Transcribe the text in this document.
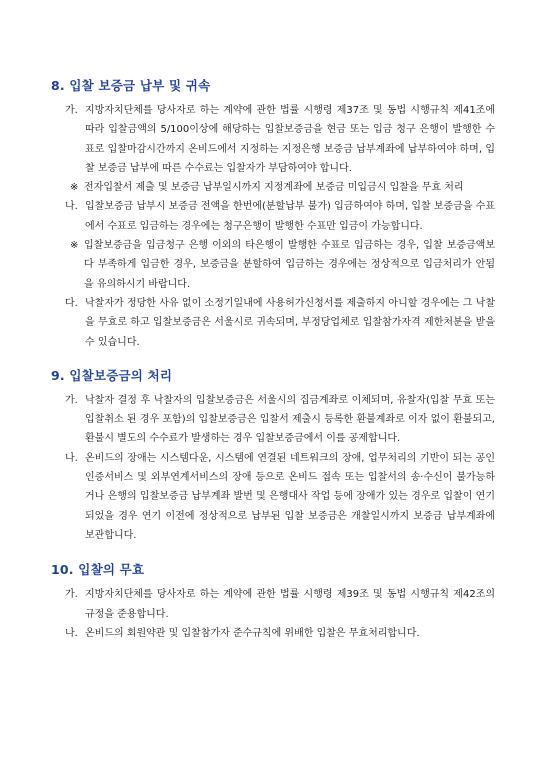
8. 입찰 보증금 납부 및 귀속
가. 지방자치단체를 당사자로 하는 계약에 관한 법률 시행령 제37조 및 동법 시행규칙 제41조에 따라 입찰금액의 5/100이상에 해당하는 입찰보증금을 현금 또는 입금 청구 은행이 발행한 수표로 입찰마감시간까지 온비드에서 지정하는 지정은행 보증금 납부계좌에 납부하여야 하며, 입찰 보증금 납부에 따른 수수료는 입찰자가 부담하여야 합니다.
※ 전자입찰서 제출 및 보증금 납부일시까지 지정계좌에 보증금 미입금시 입찰을 무효 처리
나. 입찰보증금 납부시 보증금 전액을 한번에(분할납부 불가) 입금하여야 하며, 입찰 보증금을 수표에서 수표로 입금하는 경우에는 청구은행이 발행한 수표만 입금이 가능합니다.
※ 입찰보증금을 입금청구 은행 이외의 타은행이 발행한 수표로 입금하는 경우, 입찰 보증금액보다 부족하게 입금한 경우, 보증금을 분할하여 입금하는 경우에는 정상적으로 입금처리가 안됨을 유의하시기 바랍니다.
다. 낙찰자가 정당한 사유 없이 소정기일내에 사용허가신청서를 제출하지 아니할 경우에는 그 낙찰을 무효로 하고 입찰보증금은 서울시로 귀속되며, 부정당업체로 입찰참가자격 제한처분을 받을 수 있습니다.
9. 입찰보증금의 처리
가. 낙찰자 결정 후 낙찰자의 입찰보증금은 서울시의 집금계좌로 이체되며, 유찰자(입찰 무효 또는 입찰취소 된 경우 포함)의 입찰보증금은 입찰서 제출시 등록한 환불계좌로 이자 없이 환불되고, 환불시 별도의 수수료가 발생하는 경우 입찰보증금에서 이를 공제합니다.
나. 온비드의 장애는 시스템다운, 시스템에 연결된 네트워크의 장애, 업무처리의 기반이 되는 공인인증서비스 및 외부연계서비스의 장애 등으로 온비드 접속 또는 입찰서의 송·수신이 불가능하거나 은행의 입찰보증금 납부계좌 발번 및 은행대사 작업 등에 장애가 있는 경우로 입찰이 연기되었을 경우 연기 이전에 정상적으로 납부된 입찰 보증금은 개찰일시까지 보증금 납부계좌에 보관합니다.
10. 입찰의 무효
가. 지방자치단체를 당사자로 하는 계약에 관한 법률 시행령 제39조 및 동법 시행규칙 제42조의 규정을 준용합니다.
나. 온비드의 회원약관 및 입찰참가자 준수규칙에 위배한 입찰은 무효처리합니다.
